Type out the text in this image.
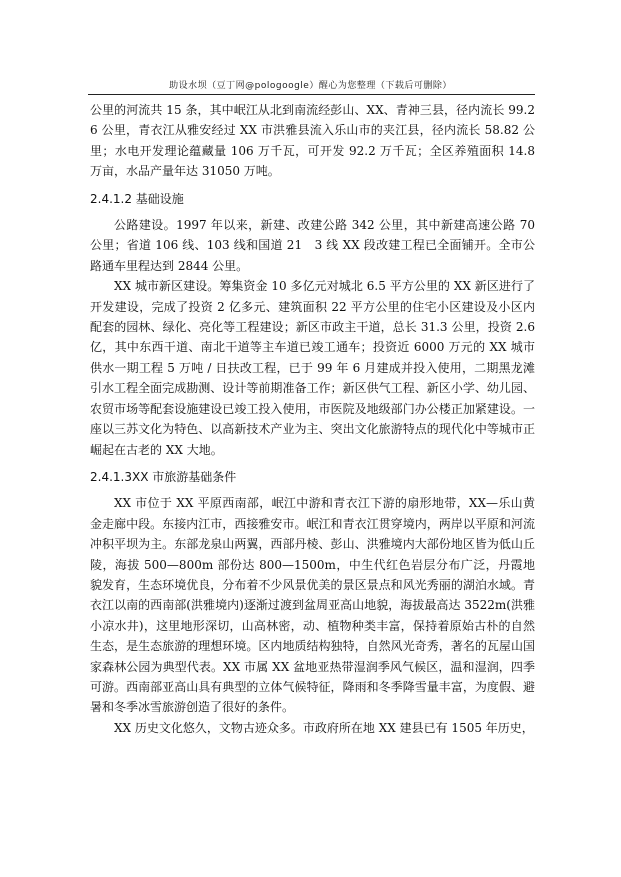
助设水坝（豆丁网@pologoogle）醒心为您整理（下载后可删除）

公里的河流共 15 条，其中岷江从北到南流经彭山、XX、青神三县，径内流长 99.26 公里，青衣江从雅安经过 XX 市洪雅县流入乐山市的夹江县，径内流长 58.82 公里；水电开发理论蕴藏量 106 万千瓦，可开发 92.2 万千瓦；全区养殖面积 14.8 万亩，水品产量年达 31050 万吨。

2.4.1.2 基础设施

公路建设。1997 年以来，新建、改建公路 342 公里，其中新建高速公路 70 公里；省道 106 线、103 线和国道 21　3 线 XX 段改建工程已全面铺开。全市公路通车里程达到 2844 公里。

XX 城市新区建设。筹集资金 10 多亿元对城北 6.5 平方公里的 XX 新区进行了开发建设，完成了投资 2 亿多元、建筑面积 22 平方公里的住宅小区建设及小区内配套的园林、绿化、亮化等工程建设；新区市政主干道，总长 31.3 公里，投资 2.6 亿，其中东西干道、南北干道等主车道已竣工通车；投资近 6000 万元的 XX 城市供水一期工程 5 万吨 / 日扶改工程，已于 99 年 6 月建成并投入使用，二期黑龙滩引水工程全面完成勘测、设计等前期准备工作；新区供气工程、新区小学、幼儿园、农贸市场等配套设施建设已竣工投入使用，市医院及地级部门办公楼正加紧建设。一座以三苏文化为特色、以高新技术产业为主、突出文化旅游特点的现代化中等城市正崛起在古老的 XX 大地。

2.4.1.3XX 市旅游基础条件

XX 市位于 XX 平原西南部，岷江中游和青衣江下游的扇形地带，XX—乐山黄金走廊中段。东接内江市，西接雅安市。岷江和青衣江贯穿境内，两岸以平原和河流冲积平坝为主。东部龙泉山两翼，西部丹棱、彭山、洪雅境内大部份地区皆为低山丘陵，海拔 500—800m 部份达 800—1500m，中生代红色岩层分布广泛，丹霞地貌发育，生态环境优良，分布着不少风景优美的景区景点和风光秀丽的湖泊水域。青衣江以南的西南部(洪雅境内)逐渐过渡到盆周亚高山地貌，海拔最高达 3522m(洪雅小凉水井)，这里地形深切，山高林密，动、植物种类丰富，保持着原始古朴的自然生态，是生态旅游的理想环境。区内地质结构独特，自然风光奇秀，著名的瓦屋山国家森林公园为典型代表。XX 市属 XX 盆地亚热带湿润季风气候区，温和湿润，四季可游。西南部亚高山具有典型的立体气候特征，降雨和冬季降雪量丰富，为度假、避暑和冬季冰雪旅游创造了很好的条件。

XX 历史文化悠久，文物古迹众多。市政府所在地 XX 建县已有 1505 年历史，
